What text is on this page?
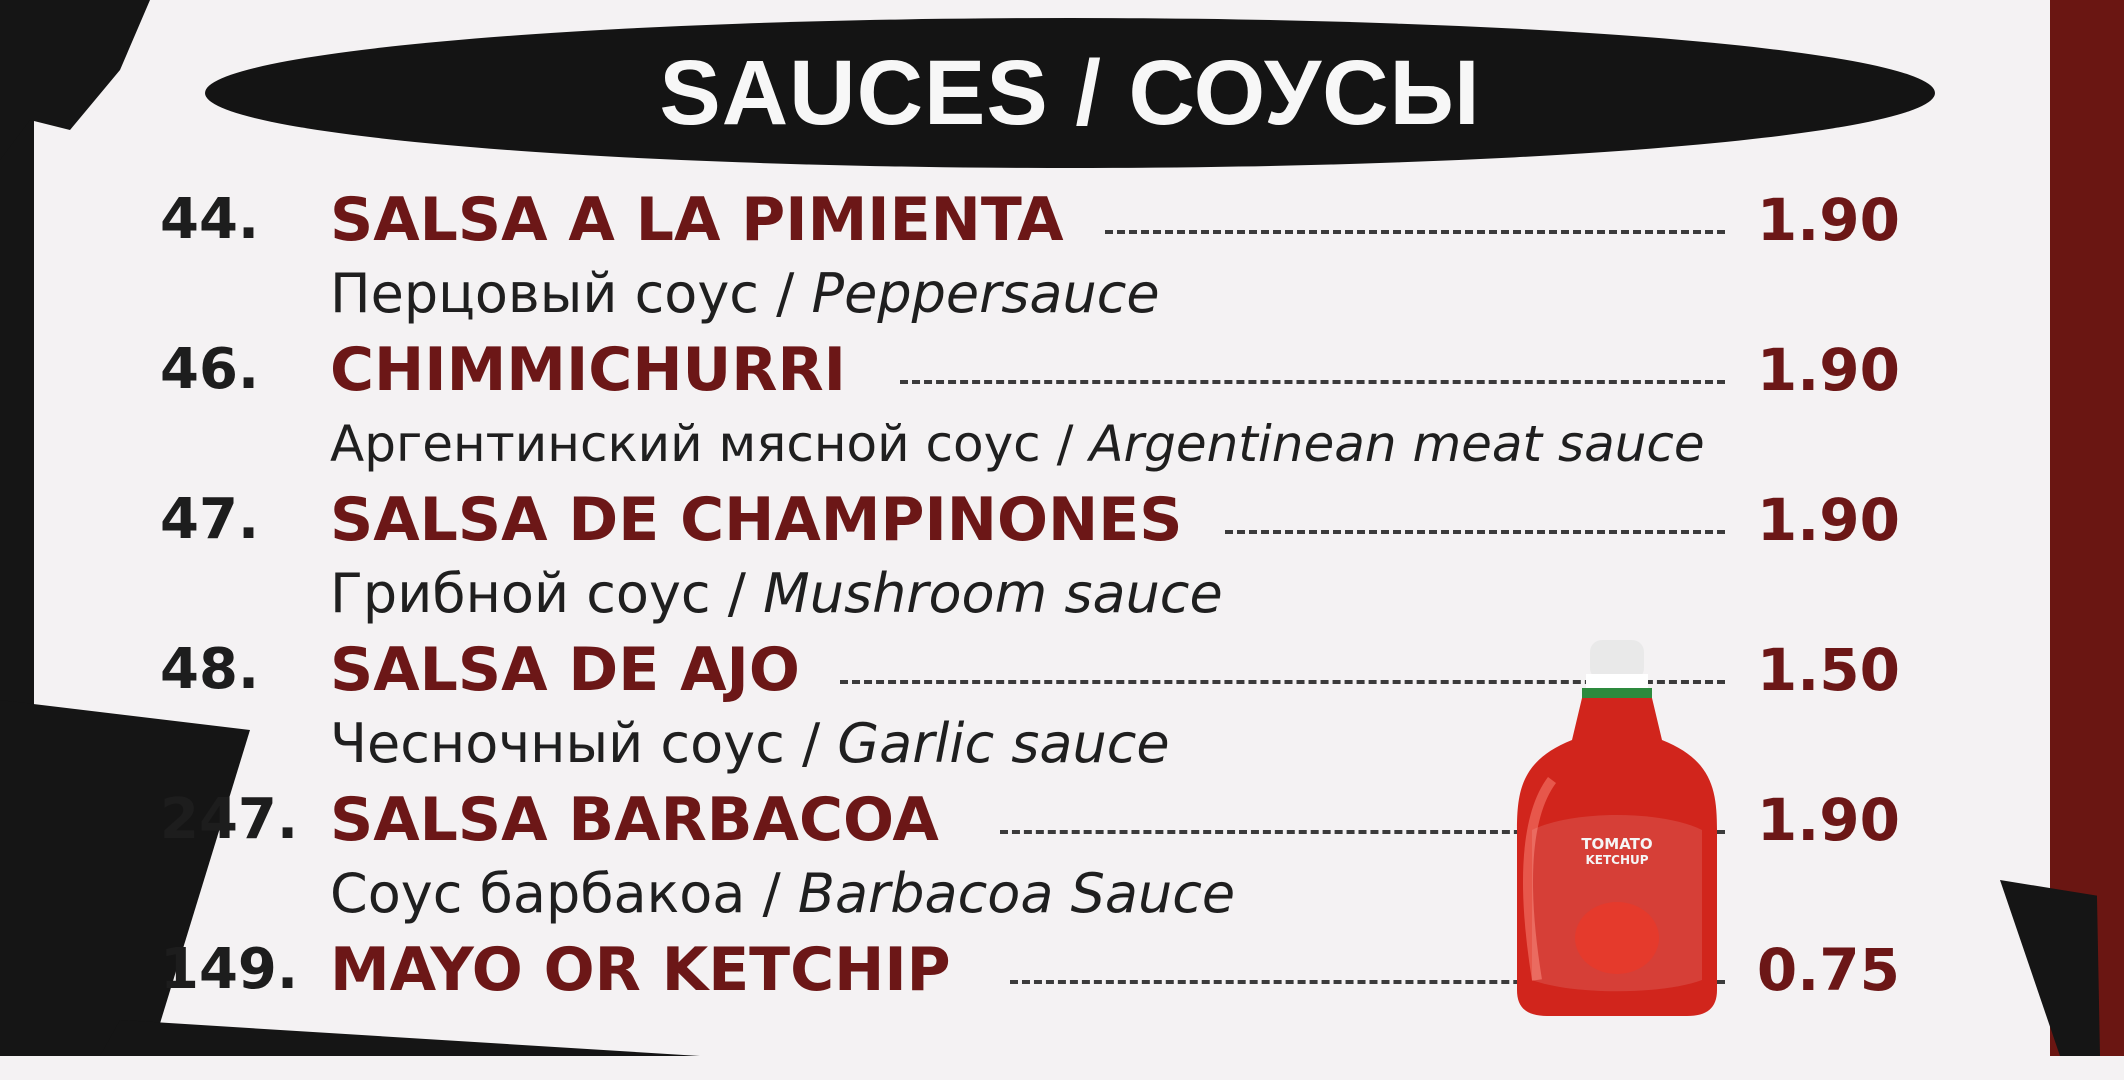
SAUCES / СОУСЫ
44.	SALSA A LA PIMIENTA	1.90
Перцовый соус / Peppersauce
46.	CHIMMICHURRI	1.90
Аргентинский мясной соус / Argentinean meat sauce
47.	SALSA DE CHAMPINONES	1.90
Грибной соус / Mushroom sauce
48.	SALSA DE AJO	1.50
Чесночный соус / Garlic sauce
247. SALSA BARBACOA	1.90
Соус барбакоа / Barbacoa Sauce
149. MAYO OR KETCHIP	0.75
TOMATO
KETCHUP
